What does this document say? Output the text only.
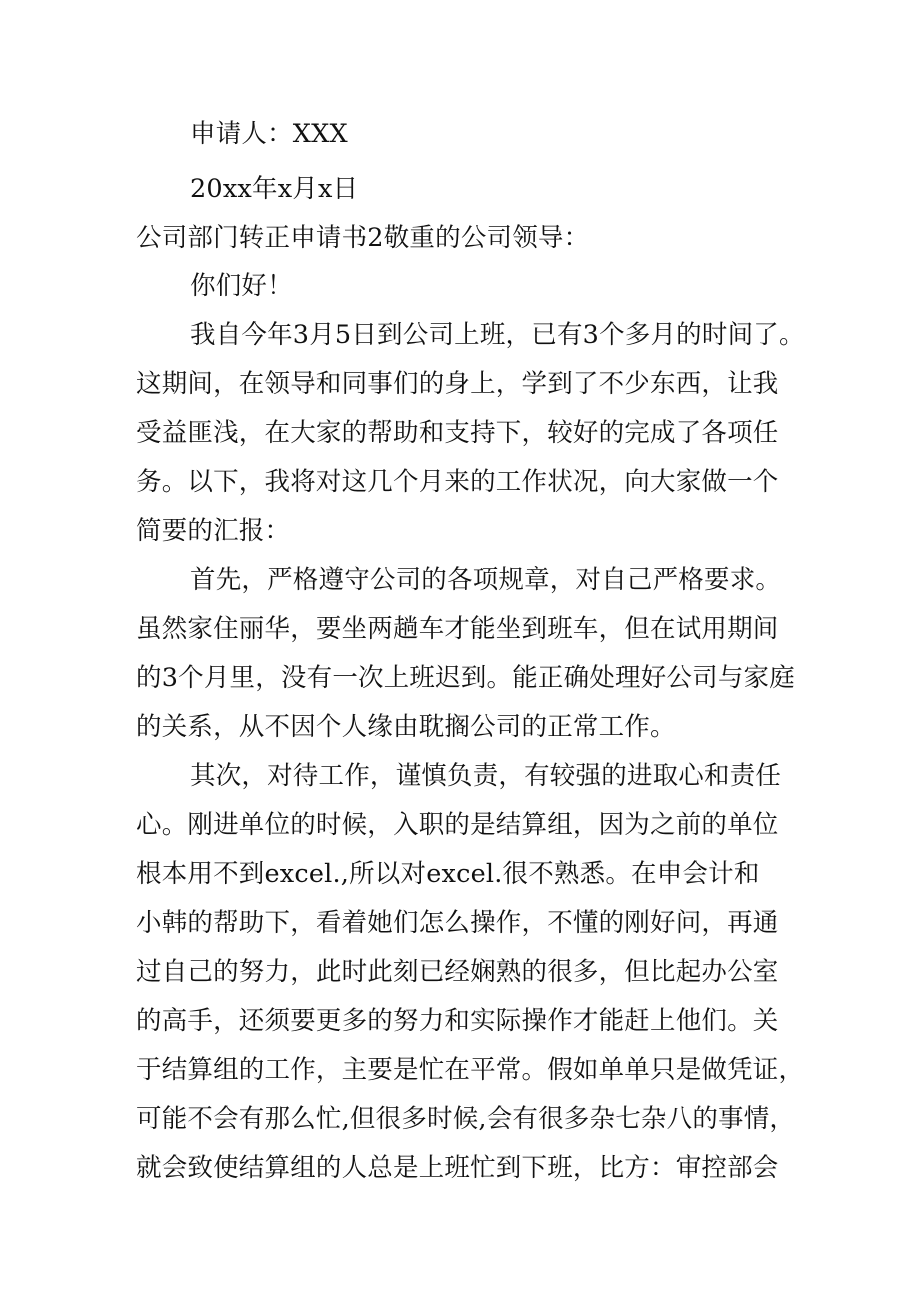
申请人：XXX
20xx年x月x日
公司部门转正申请书2敬重的公司领导：
你们好！
我自今年3月5日到公司上班，已有3个多月的时间了。
这期间，在领导和同事们的身上，学到了不少东西，让我
受益匪浅，在大家的帮助和支持下，较好的完成了各项任
务。以下，我将对这几个月来的工作状况，向大家做一个
简要的汇报：
首先，严格遵守公司的各项规章，对自己严格要求。
虽然家住丽华，要坐两趟车才能坐到班车，但在试用期间
的3个月里，没有一次上班迟到。能正确处理好公司与家庭
的关系，从不因个人缘由耽搁公司的正常工作。
其次，对待工作，谨慎负责，有较强的进取心和责任
心。刚进单位的时候，入职的是结算组，因为之前的单位
根本用不到excel.,所以对excel.很不熟悉。在申会计和
小韩的帮助下，看着她们怎么操作，不懂的刚好问，再通
过自己的努力，此时此刻已经娴熟的很多，但比起办公室
的高手，还须要更多的努力和实际操作才能赶上他们。关
于结算组的工作，主要是忙在平常。假如单单只是做凭证，
可能不会有那么忙,但很多时候,会有很多杂七杂八的事情，
就会致使结算组的人总是上班忙到下班，比方：审控部会
